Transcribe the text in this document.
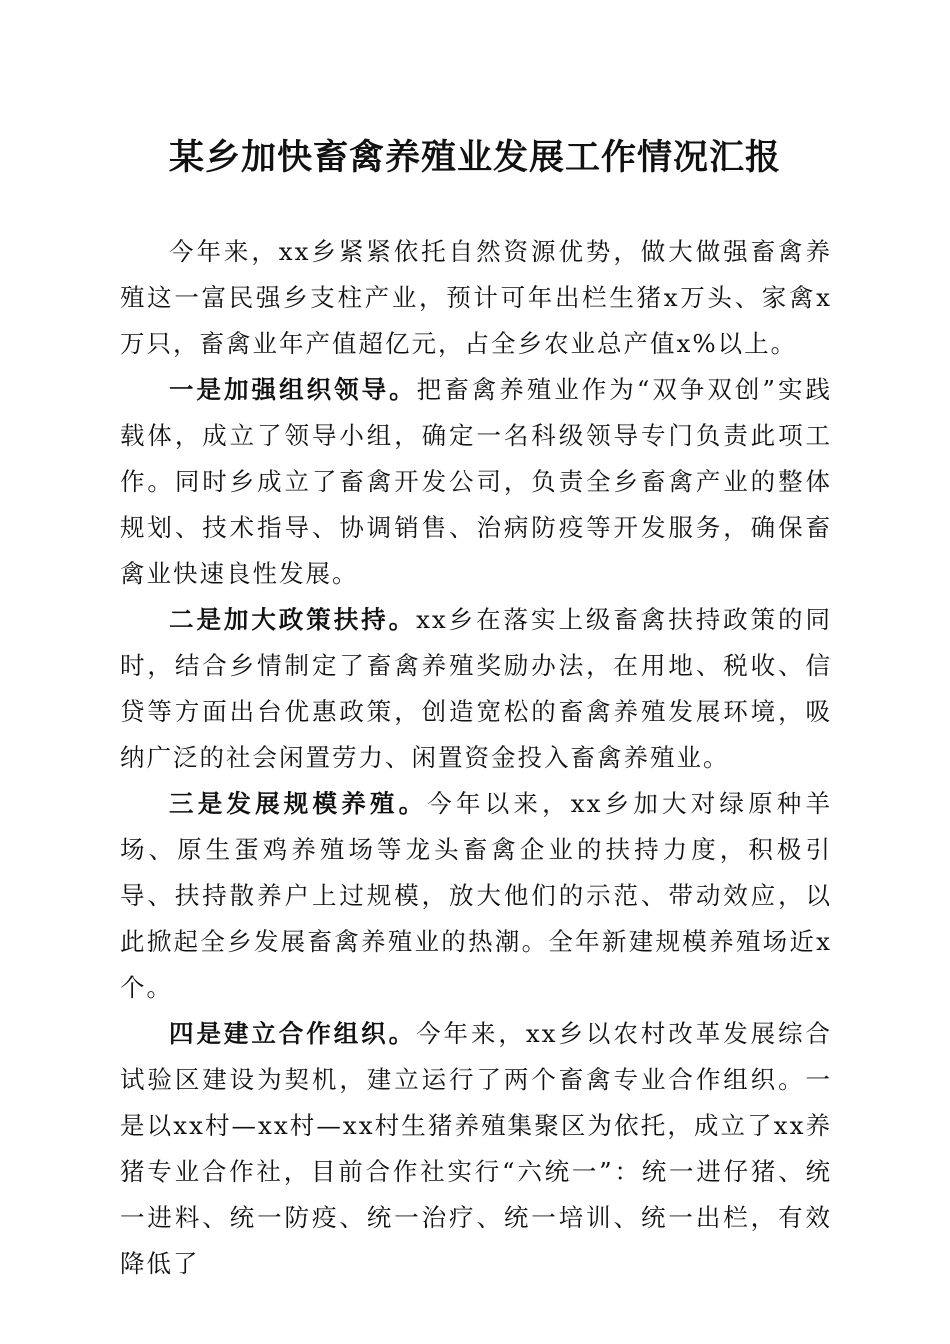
某乡加快畜禽养殖业发展工作情况汇报

今年来，xx乡紧紧依托自然资源优势，做大做强畜禽养殖这一富民强乡支柱产业，预计可年出栏生猪x万头、家禽x万只，畜禽业年产值超亿元，占全乡农业总产值x%以上。

一是加强组织领导。把畜禽养殖业作为“双争双创”实践载体，成立了领导小组，确定一名科级领导专门负责此项工作。同时乡成立了畜禽开发公司，负责全乡畜禽产业的整体规划、技术指导、协调销售、治病防疫等开发服务，确保畜禽业快速良性发展。

二是加大政策扶持。xx乡在落实上级畜禽扶持政策的同时，结合乡情制定了畜禽养殖奖励办法，在用地、税收、信贷等方面出台优惠政策，创造宽松的畜禽养殖发展环境，吸纳广泛的社会闲置劳力、闲置资金投入畜禽养殖业。

三是发展规模养殖。今年以来，xx乡加大对绿原种羊场、原生蛋鸡养殖场等龙头畜禽企业的扶持力度，积极引导、扶持散养户上过规模，放大他们的示范、带动效应，以此掀起全乡发展畜禽养殖业的热潮。全年新建规模养殖场近x个。

四是建立合作组织。今年来，xx乡以农村改革发展综合试验区建设为契机，建立运行了两个畜禽专业合作组织。一是以xx村—xx村—xx村生猪养殖集聚区为依托，成立了xx养猪专业合作社，目前合作社实行“六统一”：统一进仔猪、统一进料、统一防疫、统一治疗、统一培训、统一出栏，有效降低了
